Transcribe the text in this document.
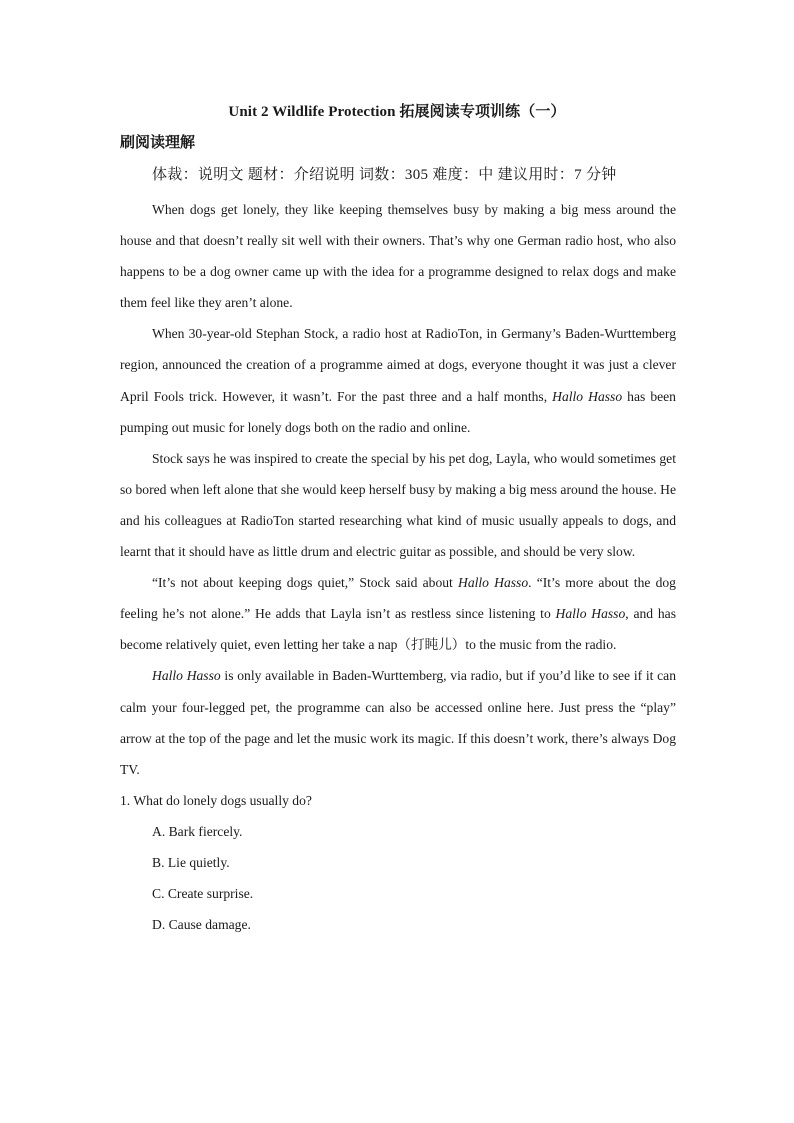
Unit 2 Wildlife Protection 拓展阅读专项训练（一）
刷阅读理解
体裁：说明文 题材：介绍说明 词数：305 难度：中 建议用时：7 分钟

When dogs get lonely, they like keeping themselves busy by making a big mess around the house and that doesn’t really sit well with their owners. That’s why one German radio host, who also happens to be a dog owner came up with the idea for a programme designed to relax dogs and make them feel like they aren’t alone.

When 30-year-old Stephan Stock, a radio host at RadioTon, in Germany’s Baden-Wurttemberg region, announced the creation of a programme aimed at dogs, everyone thought it was just a clever April Fools trick. However, it wasn’t. For the past three and a half months, Hallo Hasso has been pumping out music for lonely dogs both on the radio and online.

Stock says he was inspired to create the special by his pet dog, Layla, who would sometimes get so bored when left alone that she would keep herself busy by making a big mess around the house. He and his colleagues at RadioTon started researching what kind of music usually appeals to dogs, and learnt that it should have as little drum and electric guitar as possible, and should be very slow.

“It’s not about keeping dogs quiet,” Stock said about Hallo Hasso. “It’s more about the dog feeling he’s not alone.” He adds that Layla isn’t as restless since listening to Hallo Hasso, and has become relatively quiet, even letting her take a nap（打盹儿）to the music from the radio.

Hallo Hasso is only available in Baden-Wurttemberg, via radio, but if you’d like to see if it can calm your four-legged pet, the programme can also be accessed online here. Just press the “play” arrow at the top of the page and let the music work its magic. If this doesn’t work, there’s always Dog TV.

1. What do lonely dogs usually do?

A. Bark fiercely.
B. Lie quietly.
C. Create surprise.
D. Cause damage.
